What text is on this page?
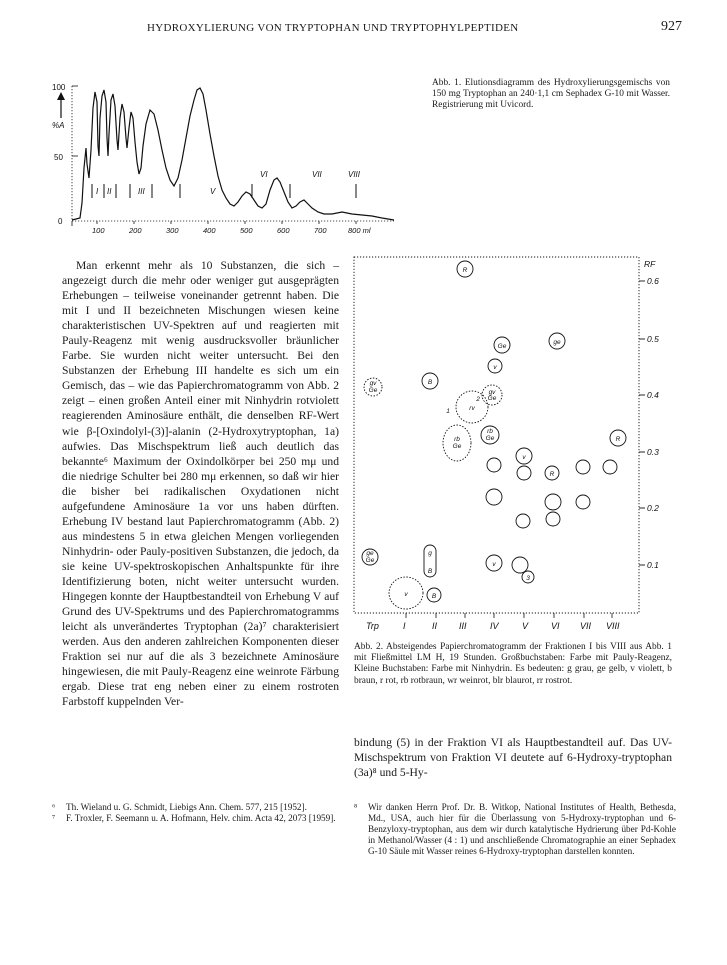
HYDROXYLIERUNG VON TRYPTOPHAN UND TRYPTOPHYLPEPTIDEN	927
100
50
0
%A
100	200	300	400	500	600	700	800 ml
I II	III	V
VI	VII	VIII
Abb. 1. Elutionsdiagramm des Hydroxylierungsgemischs von 150 mg Tryptophan an 240·1,1 cm Sephadex G-10 mit Wasser. Registrierung mit Uvicord.
RF
0.6
0.5
0.4
0.3
0.2
0.1
Trp	I	II III	IV	V	VI VII VIII
R
gv
Ge
B
rv
1
rb
Ge
rb
Ge
v
gv
Ge
2
Ge
ge
R
v
R
ge
Ge
g
B
v
3
B
v
Abb. 2. Absteigendes Papierchromatogramm der Fraktionen I bis VIII aus Abb. 1 mit Fließmittel LM H, 19 Stunden. Großbuchstaben: Farbe mit Pauly-Reagenz, Kleine Buchstaben: Farbe mit Ninhydrin. Es bedeuten: g grau, ge gelb, v violett, b braun, r rot, rb rotbraun, wr weinrot, blr blaurot, rr rostrot.

Man erkennt mehr als 10 Substanzen, die sich – angezeigt durch die mehr oder weniger gut ausgeprägten Erhebungen – teilweise voneinander getrennt haben. Die mit I und II bezeichneten Mischungen wiesen keine charakteristischen UV-Spektren auf und reagierten mit Pauly-Reagenz mit wenig ausdrucksvoller bräunlicher Farbe. Sie wurden nicht weiter untersucht. Bei den Substanzen der Erhebung III handelte es sich um ein Gemisch, das – wie das Papierchromatogramm von Abb. 2 zeigt – einen großen Anteil einer mit Ninhydrin rotviolett reagierenden Aminosäure enthält, die denselben RF-Wert wie β-[Oxindolyl-(3)]-alanin (2-Hydroxytryptophan, 1a) aufwies. Das Mischspektrum ließ auch deutlich das bekannte⁶ Maximum der Oxindolkörper bei 250 mμ und die niedrige Schulter bei 280 mμ erkennen, so daß wir hier die bisher bei radikalischen Oxydationen nicht aufgefundene Aminosäure 1a vor uns haben dürften. Erhebung IV bestand laut Papierchromatogramm (Abb. 2) aus mindestens 5 in etwa gleichen Mengen vorliegenden Ninhydrin- oder Pauly-positiven Substanzen, die jedoch, da sie keine UV-spektroskopischen Anhaltspunkte für ihre Identifizierung boten, nicht weiter untersucht wurden. Hingegen konnte der Hauptbestandteil von Erhebung V auf Grund des UV-Spektrums und des Papierchromatogramms leicht als unverändertes Tryptophan (2a)⁷ charakterisiert werden. Aus den anderen zahlreichen Komponenten dieser Fraktion sei nur auf die als 3 bezeichnete Aminosäure hingewiesen, die mit Pauly-Reagenz eine weinrote Färbung ergab. Diese trat eng neben einer zu einem rostroten Farbstoff kuppelnden Ver-

bindung (5) in der Fraktion VI als Hauptbestandteil auf. Das UV-Mischspektrum von Fraktion VI deutete auf 6-Hydroxy-tryptophan (3a)⁸ und 5-Hy-
⁶	Th. Wieland u. G. Schmidt, Liebigs Ann. Chem. 577, 215 [1952].
⁷	F. Troxler, F. Seemann u. A. Hofmann, Helv. chim. Acta 42, 2073 [1959].
⁸	Wir danken Herrn Prof. Dr. B. Witkop, National Institutes of Health, Bethesda, Md., USA, auch hier für die Überlassung von 5-Hydroxy-tryptophan und 6-Benzyloxy-tryptophan, aus dem wir durch katalytische Hydrierung über Pd-Kohle in Methanol/Wasser (4 : 1) und anschließende Chromatographie an einer Sephadex G-10 Säule mit Wasser reines 6-Hydroxy-tryptophan darstellen konnten.
